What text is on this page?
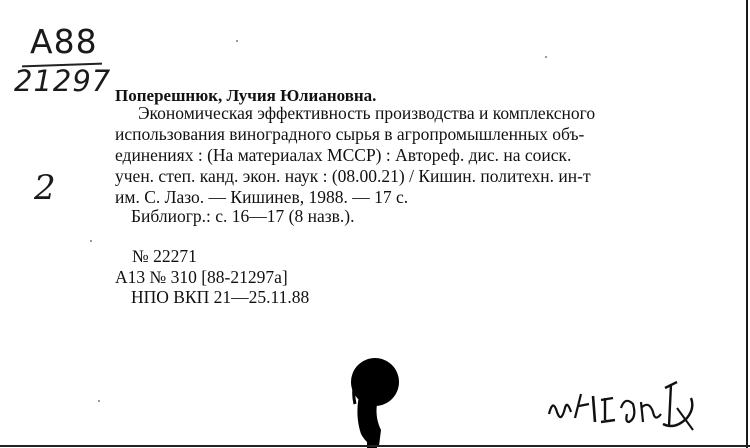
А88
21297
2
Поперешнюк, Лучия Юлиановна.
Экономическая эффективность производства и комплексного
использования виноградного сырья в агропромышленных объ-
единениях : (На материалах МССР) : Автореф. дис. на соиск.
учен. степ. канд. экон. наук : (08.00.21) / Кишин. политехн. ин-т
им. С. Лазо. — Кишинев, 1988. — 17 с.
Библиогр.: с. 16—17 (8 назв.).
№ 22271
А13 № 310 [88-21297а]
НПО ВКП 21—25.11.88
